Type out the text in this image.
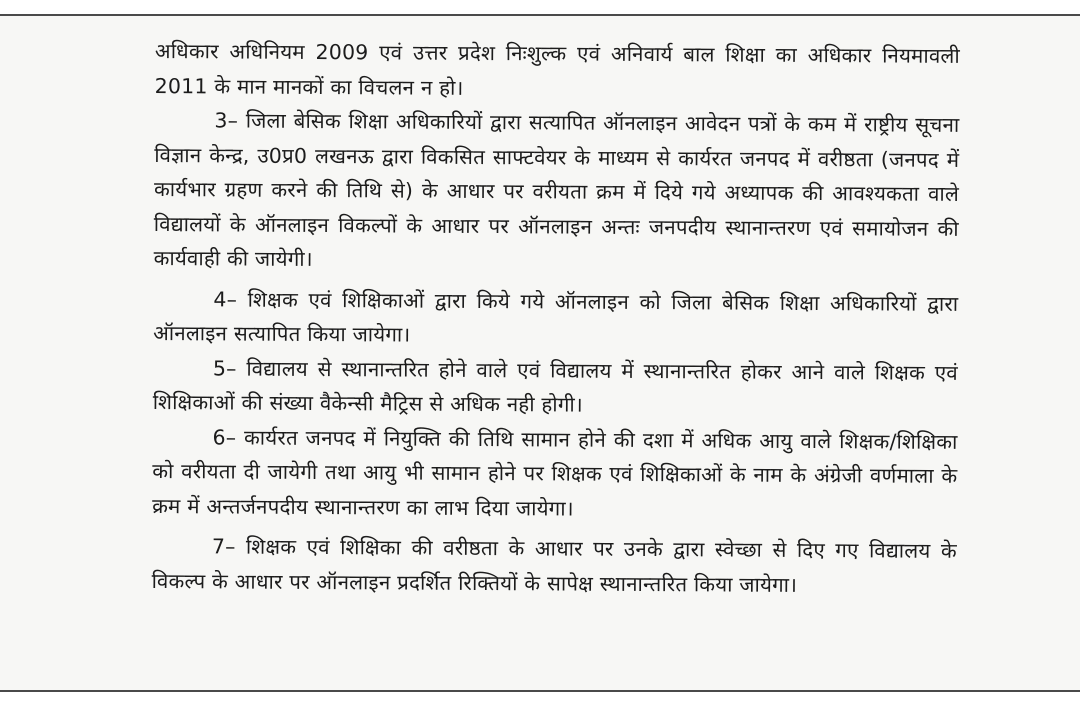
अधिकार अधिनियम 2009 एवं उत्तर प्रदेश निःशुल्क एवं अनिवार्य बाल शिक्षा का अधिकार नियमावली 2011 के मान मानकों का विचलन न हो।

3– जिला बेसिक शिक्षा अधिकारियों द्वारा सत्यापित ऑनलाइन आवेदन पत्रों के कम में राष्ट्रीय सूचना विज्ञान केन्द्र, उ0प्र0 लखनऊ द्वारा विकसित साफ्टवेयर के माध्यम से कार्यरत जनपद में वरीष्ठता (जनपद में कार्यभार ग्रहण करने की तिथि से) के आधार पर वरीयता क्रम में दिये गये अध्यापक की आवश्यकता वाले विद्यालयों के ऑनलाइन विकल्पों के आधार पर ऑनलाइन अन्तः जनपदीय स्थानान्तरण एवं समायोजन की कार्यवाही की जायेगी।

4– शिक्षक एवं शिक्षिकाओं द्वारा किये गये ऑनलाइन को जिला बेसिक शिक्षा अधिकारियों द्वारा ऑनलाइन सत्यापित किया जायेगा।

5– विद्यालय से स्थानान्तरित होने वाले एवं विद्यालय में स्थानान्तरित होकर आने वाले शिक्षक एवं शिक्षिकाओं की संख्या वैकेन्सी मैट्रिस से अधिक नही होगी।

6– कार्यरत जनपद में नियुक्ति की तिथि सामान होने की दशा में अधिक आयु वाले शिक्षक/शिक्षिका को वरीयता दी जायेगी तथा आयु भी सामान होने पर शिक्षक एवं शिक्षिकाओं के नाम के अंग्रेजी वर्णमाला के क्रम में अन्तर्जनपदीय स्थानान्तरण का लाभ दिया जायेगा।

7– शिक्षक एवं शिक्षिका की वरीष्ठता के आधार पर उनके द्वारा स्वेच्छा से दिए गए विद्यालय के विकल्प के आधार पर ऑनलाइन प्रदर्शित रिक्तियों के सापेक्ष स्थानान्तरित किया जायेगा।
